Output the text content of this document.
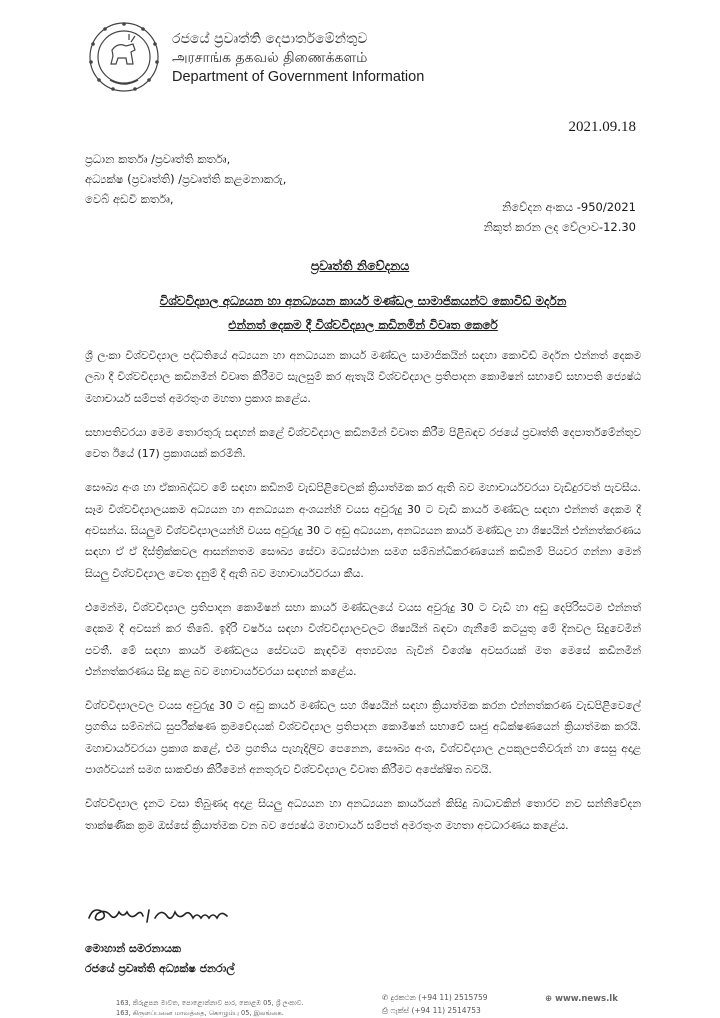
රජයේ ප්‍රවෘත්ති දෙපාර්තමේන්තුව
அரசாங்க தகவல் திணைக்களம்
Department of Government Information
2021.09.18
ප්‍රධාන කර්තෘ /ප්‍රවෘත්ති කර්තෘ,
අධ්‍යක්ෂ (ප්‍රවෘත්ති) /ප්‍රවෘත්ති කළමනාකරු,
වෙබ් අඩවි කර්තෘ,
නිවේදන අංකය -950/2021
නිකුත් කරන ලද වේලාව-12.30
ප්‍රවෘත්ති නිවේදනය
විශ්වවිද්‍යාල අධ්‍යයන හා අනධ්‍යයන කාර්ය මණ්ඩල සාමාජිකයන්ට කොවිඩ් මර්දන
එන්නත් දෙකම දී විශ්වවිද්‍යාල කඩිනමින් විවෘත කෙරේ

ශ්‍රී ලංකා විශ්වවිද්‍යාල පද්ධතියේ අධ්‍යයන හා අනධ්‍යයන කාර්ය මණ්ඩල සාමාජිකයින් සඳහා කොවිඩ් මර්දන එන්නත් දෙකම ලබා දී විශ්වවිද්‍යාල කඩිනමින් විවෘත කිරීමට සැලසුම් කර ඇතැයි විශ්වවිද්‍යාල ප්‍රතිපාදන කොමිෂන් සභාවේ සභාපති ජ්‍යෙෂ්ඨ මහාචාර්ය සම්පත් අමරතුංග මහතා ප්‍රකාශ කළේය.

සභාපතිවරයා මෙම තොරතුරු සඳහන් කළේ විශ්වවිද්‍යාල කඩිනමින් විවෘත කිරීම පිළිබඳව රජයේ ප්‍රවෘත්ති දෙපාර්තමේන්තුව වෙත ඊයේ (17) ප්‍රකාශයක් කරමිනි.

සෞඛ්‍ය අංශ හා ඒකාබද්ධව මේ සඳහා කඩිනම් වැඩපිළිවෙලක් ක්‍රියාත්මක කර ඇති බව මහාචාර්යවරයා වැඩිදුරටත් පැවසීය. සෑම විශ්වවිද්‍යාලයකම අධ්‍යයන හා අනධ්‍යයන අංශයන්හි වයස අවුරුදු 30 ට වැඩි කාර්ය මණ්ඩල සඳහා එන්නත් දෙකම දී අවසන්ය. සියලුම විශ්වවිද්‍යාලයන්හි වයස අවුරුදු 30 ට අඩු අධ්‍යයන, අනධ්‍යයන කාර්ය මණ්ඩල හා ශිෂ්‍යයින් එන්නත්කරණය සඳහා ඒ ඒ දිස්ත්‍රික්කවල ආසන්නතම සෞඛ්‍ය සේවා මධ්‍යස්ථාන සමග සම්බන්ධීකරණයෙන් කඩිනම් පියවර ගන්නා මෙන් සියලු විශ්වවිද්‍යාල වෙත දැනුම් දී ඇති බව මහාචාර්යවරයා කීය.

එමෙන්ම, විශ්වවිද්‍යාල ප්‍රතිපාදන කොමිෂන් සභා කාර්ය මණ්ඩලයේ වයස අවුරුදු 30 ට වැඩි හා අඩු දෙපිරිසටම එන්නත් දෙකම දී අවසන් කර තිබේ. ඉදිරි වර්ෂය සඳහා විශ්වවිද්‍යාලවලට ශිෂ්‍යයින් බඳවා ගැනීමේ කටයුතු මේ දිනවල සිදුවෙමින් පවතී. මේ සඳහා කාර්ය මණ්ඩලය සේවයට කැඳවීම අත්‍යවශ්‍ය බැවින් විශේෂ අවසරයක් මත මෙසේ කඩිනමින් එන්නත්කරණය සිදු කළ බව මහාචාර්යවරයා සඳහන් කළේය.

විශ්වවිද්‍යාලවල වයස අවුරුදු 30 ට අඩු කාර්ය මණ්ඩල සහ ශිෂ්‍යයින් සඳහා ක්‍රියාත්මක කරන එන්නත්කරණ වැඩපිළිවෙලේ ප්‍රගතිය සම්බන්ධ සුපරීක්ෂණ ක්‍රමවේදයක් විශ්වවිද්‍යාල ප්‍රතිපාදන කොමිෂන් සභාවේ සෘජු අධීක්ෂණයෙන් ක්‍රියාත්මක කරයි. මහාචාර්යවරයා ප්‍රකාශ කළේ, එම ප්‍රගතිය පැහැදිලිව පෙනෙන, සෞඛ්‍ය අංශ, විශ්වවිද්‍යාල උපකුලපතිවරුන් හා සෙසු අදාළ පාර්ශවයන් සමග සාකච්ඡා කිරීමෙන් අනතුරුව විශ්වවිද්‍යාල විවෘත කිරීමට අපේක්ෂිත බවයි.

විශ්වවිද්‍යාල දැනට වසා තිබුණද අදාළ සියලු අධ්‍යයන හා අනධ්‍යයන කාර්යයන් කිසිදු බාධාවකින් තොරව නව සන්නිවේදන තාක්ෂණික ක්‍රම ඔස්සේ ක්‍රියාත්මක වන බව ජ්‍යෙෂ්ඨ මහාචාර්ය සම්පත් අමරතුංග මහතා අවධාරණය කළේය.

මොහාන් සමරනායක
රජයේ ප්‍රවෘත්ති අධ්‍යක්ෂ ජනරාල්
163, කිරුළපන මාවත, පොළොන්නාව පාර, කොළඹ 05, ශ්‍රී ලංකාව.
163, கிருளப்பனை மாவத்தை, கொழும்பு 05, இலங்கை.
✆ දුරකථන (+94 11) 2515759
⎙ ෆැක්ස් (+94 11) 2514753
⊕ www.news.lk
